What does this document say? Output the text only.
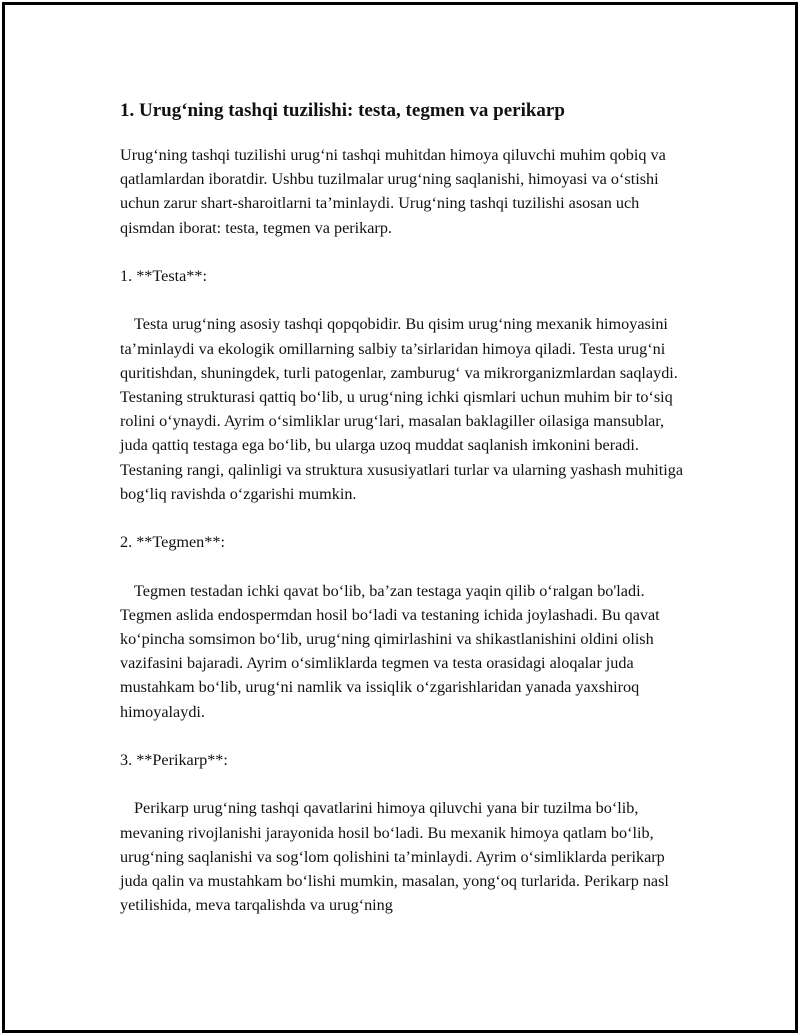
1. Urug‘ning tashqi tuzilishi: testa, tegmen va perikarp

Urug‘ning tashqi tuzilishi urug‘ni tashqi muhitdan himoya qiluvchi muhim qobiq va qatlamlardan iboratdir. Ushbu tuzilmalar urug‘ning saqlanishi, himoyasi va o‘stishi uchun zarur shart-sharoitlarni ta’minlaydi. Urug‘ning tashqi tuzilishi asosan uch qismdan iborat: testa, tegmen va perikarp.

1. **Testa**:

Testa urug‘ning asosiy tashqi qopqobidir. Bu qisim urug‘ning mexanik himoyasini ta’minlaydi va ekologik omillarning salbiy ta’sirlaridan himoya qiladi. Testa urug‘ni quritishdan, shuningdek, turli patogenlar, zamburug‘ va mikrorganizmlardan saqlaydi. Testaning strukturasi qattiq bo‘lib, u urug‘ning ichki qismlari uchun muhim bir to‘siq rolini o‘ynaydi. Ayrim o‘simliklar urug‘lari, masalan baklagiller oilasiga mansublar, juda qattiq testaga ega bo‘lib, bu ularga uzoq muddat saqlanish imkonini beradi. Testaning rangi, qalinligi va struktura xususiyatlari turlar va ularning yashash muhitiga bog‘liq ravishda o‘zgarishi mumkin.

2. **Tegmen**:

Tegmen testadan ichki qavat bo‘lib, ba’zan testaga yaqin qilib o‘ralgan bo'ladi. Tegmen aslida endospermdan hosil bo‘ladi va testaning ichida joylashadi. Bu qavat ko‘pincha somsimon bo‘lib, urug‘ning qimirlashini va shikastlanishini oldini olish vazifasini bajaradi. Ayrim o‘simliklarda tegmen va testa orasidagi aloqalar juda mustahkam bo‘lib, urug‘ni namlik va issiqlik o‘zgarishlaridan yanada yaxshiroq himoyalaydi.

3. **Perikarp**:

Perikarp urug‘ning tashqi qavatlarini himoya qiluvchi yana bir tuzilma bo‘lib, mevaning rivojlanishi jarayonida hosil bo‘ladi. Bu mexanik himoya qatlam bo‘lib, urug‘ning saqlanishi va sog‘lom qolishini ta’minlaydi. Ayrim o‘simliklarda perikarp juda qalin va mustahkam bo‘lishi mumkin, masalan, yong‘oq turlarida. Perikarp nasl yetilishida, meva tarqalishda va urug‘ning
